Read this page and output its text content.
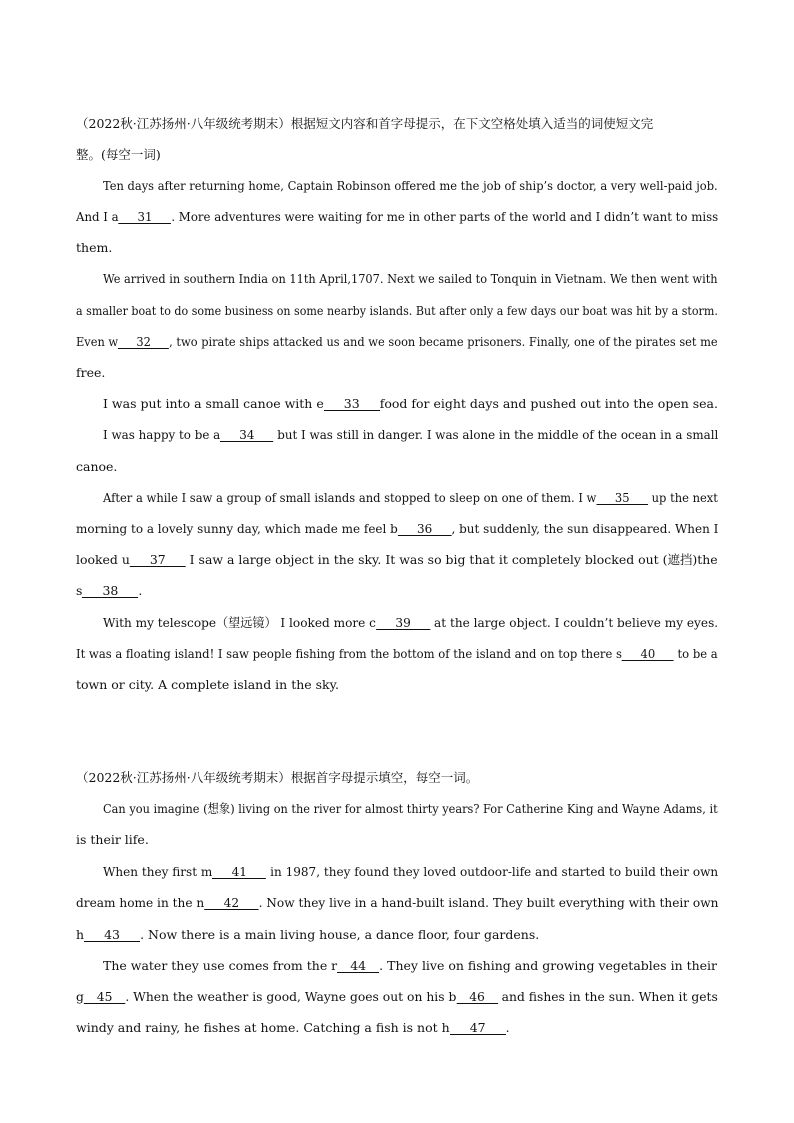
（2022秋·江苏扬州·八年级统考期末）根据短文内容和首字母提示，在下文空格处填入适当的词使短文完
整。(每空一词)
Ten days after returning home, Captain Robinson offered me the job of ship’s doctor, a very well-paid job.
And I a 31 . More adventures were waiting for me in other parts of the world and I didn’t want to miss
them.
We arrived in southern India on 11th April,1707. Next we sailed to Tonquin in Vietnam. We then went with
a smaller boat to do some business on some nearby islands. But after only a few days our boat was hit by a storm.
Even w 32 , two pirate ships attacked us and we soon became prisoners. Finally, one of the pirates set me
free.
I was put into a small canoe with e 33 food for eight days and pushed out into the open sea.
I was happy to be a 34 but I was still in danger. I was alone in the middle of the ocean in a small
canoe.
After a while I saw a group of small islands and stopped to sleep on one of them. I w 35 up the next
morning to a lovely sunny day, which made me feel b 36 , but suddenly, the sun disappeared. When I
looked u 37 I saw a large object in the sky. It was so big that it completely blocked out (遮挡)the
s 38 .
With my telescope（望远镜） I looked more c 39 at the large object. I couldn’t believe my eyes.
It was a floating island! I saw people fishing from the bottom of the island and on top there s 40 to be a
town or city. A complete island in the sky.
（2022秋·江苏扬州·八年级统考期末）根据首字母提示填空，每空一词。
Can you imagine (想象) living on the river for almost thirty years? For Catherine King and Wayne Adams, it
is their life.
When they first m 41 in 1987, they found they loved outdoor-life and started to build their own
dream home in the n 42 . Now they live in a hand-built island. They built everything with their own
h 43 . Now there is a main living house, a dance floor, four gardens.
The water they use comes from the r 44 . They live on fishing and growing vegetables in their
g 45 . When the weather is good, Wayne goes out on his b 46 and fishes in the sun. When it gets
windy and rainy, he fishes at home. Catching a fish is not h 47 .
